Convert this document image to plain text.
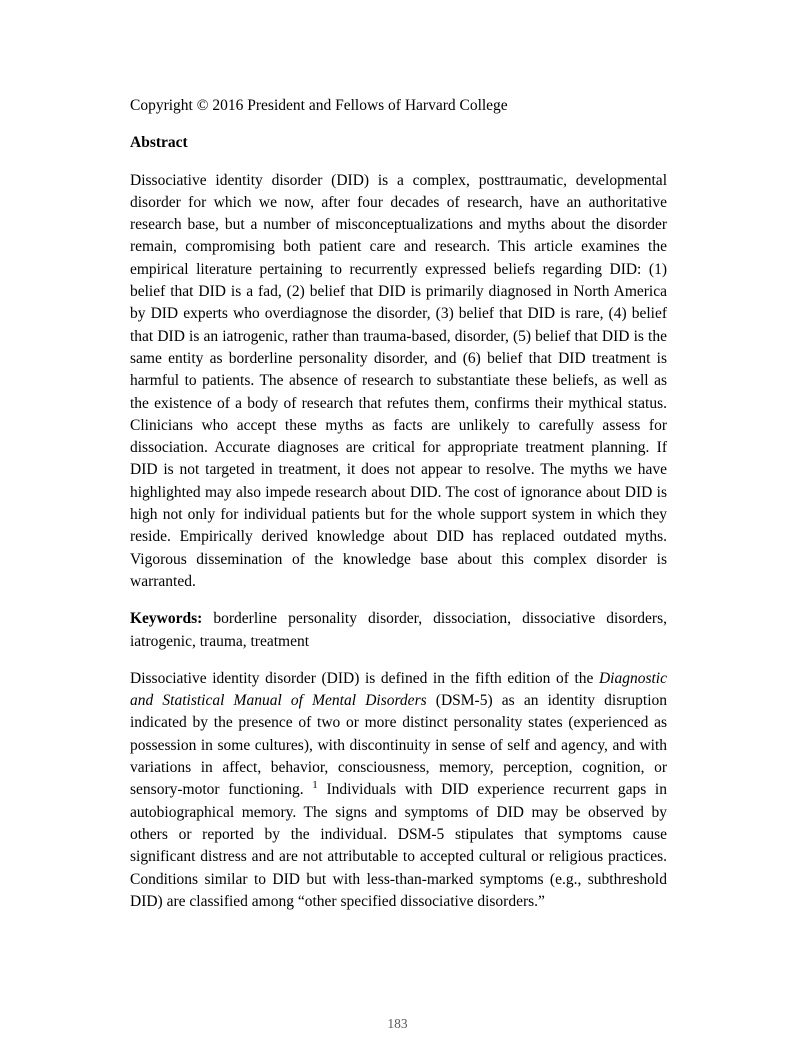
Copyright © 2016 President and Fellows of Harvard College

Abstract

Dissociative identity disorder (DID) is a complex, posttraumatic, developmental disorder for which we now, after four decades of research, have an authoritative research base, but a number of misconceptualizations and myths about the disorder remain, compromising both patient care and research. This article examines the empirical literature pertaining to recurrently expressed beliefs regarding DID: (1) belief that DID is a fad, (2) belief that DID is primarily diagnosed in North America by DID experts who overdiagnose the disorder, (3) belief that DID is rare, (4) belief that DID is an iatrogenic, rather than trauma-based, disorder, (5) belief that DID is the same entity as borderline personality disorder, and (6) belief that DID treatment is harmful to patients. The absence of research to substantiate these beliefs, as well as the existence of a body of research that refutes them, confirms their mythical status. Clinicians who accept these myths as facts are unlikely to carefully assess for dissociation. Accurate diagnoses are critical for appropriate treatment planning. If DID is not targeted in treatment, it does not appear to resolve. The myths we have highlighted may also impede research about DID. The cost of ignorance about DID is high not only for individual patients but for the whole support system in which they reside. Empirically derived knowledge about DID has replaced outdated myths. Vigorous dissemination of the knowledge base about this complex disorder is warranted.

Keywords: borderline personality disorder, dissociation, dissociative disorders, iatrogenic, trauma, treatment

Dissociative identity disorder (DID) is defined in the fifth edition of the Diagnostic and Statistical Manual of Mental Disorders (DSM-5) as an identity disruption indicated by the presence of two or more distinct personality states (experienced as possession in some cultures), with discontinuity in sense of self and agency, and with variations in affect, behavior, consciousness, memory, perception, cognition, or sensory-motor functioning. $^1$ Individuals with DID experience recurrent gaps in autobiographical memory. The signs and symptoms of DID may be observed by others or reported by the individual. DSM-5 stipulates that symptoms cause significant distress and are not attributable to accepted cultural or religious practices. Conditions similar to DID but with less-than-marked symptoms (e.g., subthreshold DID) are classified among “other specified dissociative disorders.”

183
